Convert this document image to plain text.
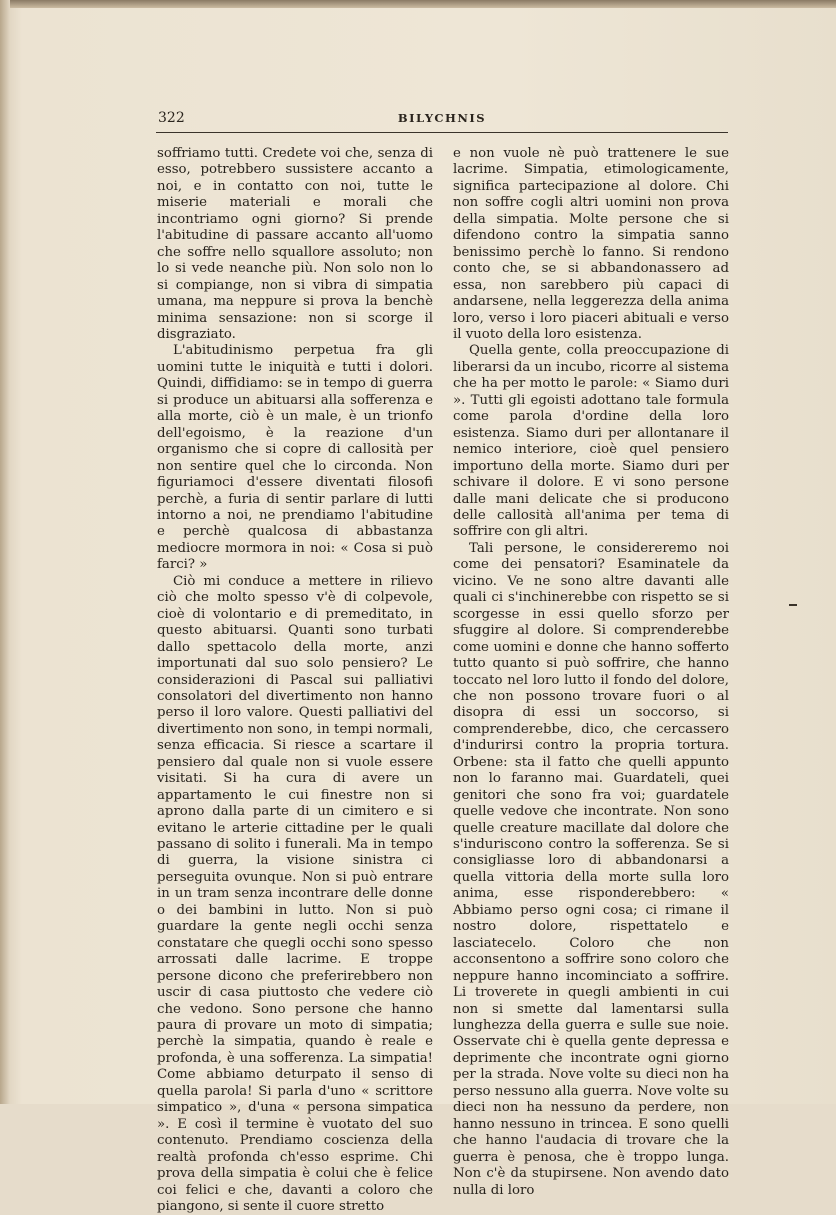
322	BILYCHNIS

soffriamo tutti. Credete voi che, senza di esso, potrebbero sussistere accanto a noi, e in contatto con noi, tutte le miserie materiali e morali che incontriamo ogni giorno? Si prende l'abitudine di passare accanto all'uomo che soffre nello squallore assoluto; non lo si vede neanche più. Non solo non lo si compiange, non si vibra di simpatia umana, ma neppure si prova la benchè minima sensazione: non si scorge il disgraziato.

L'abitudinismo perpetua fra gli uomini tutte le iniquità e tutti i dolori. Quindi, diffidiamo: se in tempo di guerra si produce un abituarsi alla sofferenza e alla morte, ciò è un male, è un trionfo dell'egoismo, è la reazione d'un organismo che si copre di callosità per non sentire quel che lo circonda. Non figuriamoci d'essere diventati filosofi perchè, a furia di sentir parlare di lutti intorno a noi, ne prendiamo l'abitudine e perchè qualcosa di abbastanza mediocre mormora in noi: « Cosa si può farci? »

Ciò mi conduce a mettere in rilievo ciò che molto spesso v'è di colpevole, cioè di volontario e di premeditato, in questo abituarsi. Quanti sono turbati dallo spettacolo della morte, anzi importunati dal suo solo pensiero? Le considerazioni di Pascal sui palliativi consolatori del divertimento non hanno perso il loro valore. Questi palliativi del divertimento non sono, in tempi normali, senza efficacia. Si riesce a scartare il pensiero dal quale non si vuole essere visitati. Si ha cura di avere un appartamento le cui finestre non si aprono dalla parte di un cimitero e si evitano le arterie cittadine per le quali passano di solito i funerali. Ma in tempo di guerra, la visione sinistra ci perseguita ovunque. Non si può entrare in un tram senza incontrare delle donne o dei bambini in lutto. Non si può guardare la gente negli occhi senza constatare che quegli occhi sono spesso arrossati dalle lacrime. E troppe persone dicono che preferirebbero non uscir di casa piuttosto che vedere ciò che vedono. Sono persone che hanno paura di provare un moto di simpatia; perchè la simpatia, quando è reale e profonda, è una sofferenza. La simpatia! Come abbiamo deturpato il senso di quella parola! Si parla d'uno « scrittore simpatico », d'una « persona simpatica ». E così il termine è vuotato del suo contenuto. Prendiamo coscienza della realtà profonda ch'esso esprime. Chi prova della simpatia è colui che è felice coi felici e che, davanti a coloro che piangono, si sente il cuore stretto

e non vuole nè può trattenere le sue lacrime. Simpatia, etimologicamente, significa partecipazione al dolore. Chi non soffre cogli altri uomini non prova della simpatia. Molte persone che si difendono contro la simpatia sanno benissimo perchè lo fanno. Si rendono conto che, se si abbandonassero ad essa, non sarebbero più capaci di andarsene, nella leggerezza della anima loro, verso i loro piaceri abituali e verso il vuoto della loro esistenza.

Quella gente, colla preoccupazione di liberarsi da un incubo, ricorre al sistema che ha per motto le parole: « Siamo duri ». Tutti gli egoisti adottano tale formula come parola d'ordine della loro esistenza. Siamo duri per allontanare il nemico interiore, cioè quel pensiero importuno della morte. Siamo duri per schivare il dolore. E vi sono persone dalle mani delicate che si producono delle callosità all'anima per tema di soffrire con gli altri.

Tali persone, le considereremo noi come dei pensatori? Esaminatele da vicino. Ve ne sono altre davanti alle quali ci s'inchinerebbe con rispetto se si scorgesse in essi quello sforzo per sfuggire al dolore. Si comprenderebbe come uomini e donne che hanno sofferto tutto quanto si può soffrire, che hanno toccato nel loro lutto il fondo del dolore, che non possono trovare fuori o al disopra di essi un soccorso, si comprenderebbe, dico, che cercassero d'indurirsi contro la propria tortura. Orbene: sta il fatto che quelli appunto non lo faranno mai. Guardateli, quei genitori che sono fra voi; guardatele quelle vedove che incontrate. Non sono quelle creature macillate dal dolore che s'induriscono contro la sofferenza. Se si consigliasse loro di abbandonarsi a quella vittoria della morte sulla loro anima, esse risponderebbero: « Abbiamo perso ogni cosa; ci rimane il nostro dolore, rispettatelo e lasciatecelo. Coloro che non acconsentono a soffrire sono coloro che neppure hanno incominciato a soffrire. Li troverete in quegli ambienti in cui non si smette dal lamentarsi sulla lunghezza della guerra e sulle sue noie. Osservate chi è quella gente depressa e deprimente che incontrate ogni giorno per la strada. Nove volte su dieci non ha perso nessuno alla guerra. Nove volte su dieci non ha nessuno da perdere, non hanno nessuno in trincea. E sono quelli che hanno l'audacia di trovare che la guerra è penosa, che è troppo lunga. Non c'è da stupirsene. Non avendo dato nulla di loro
